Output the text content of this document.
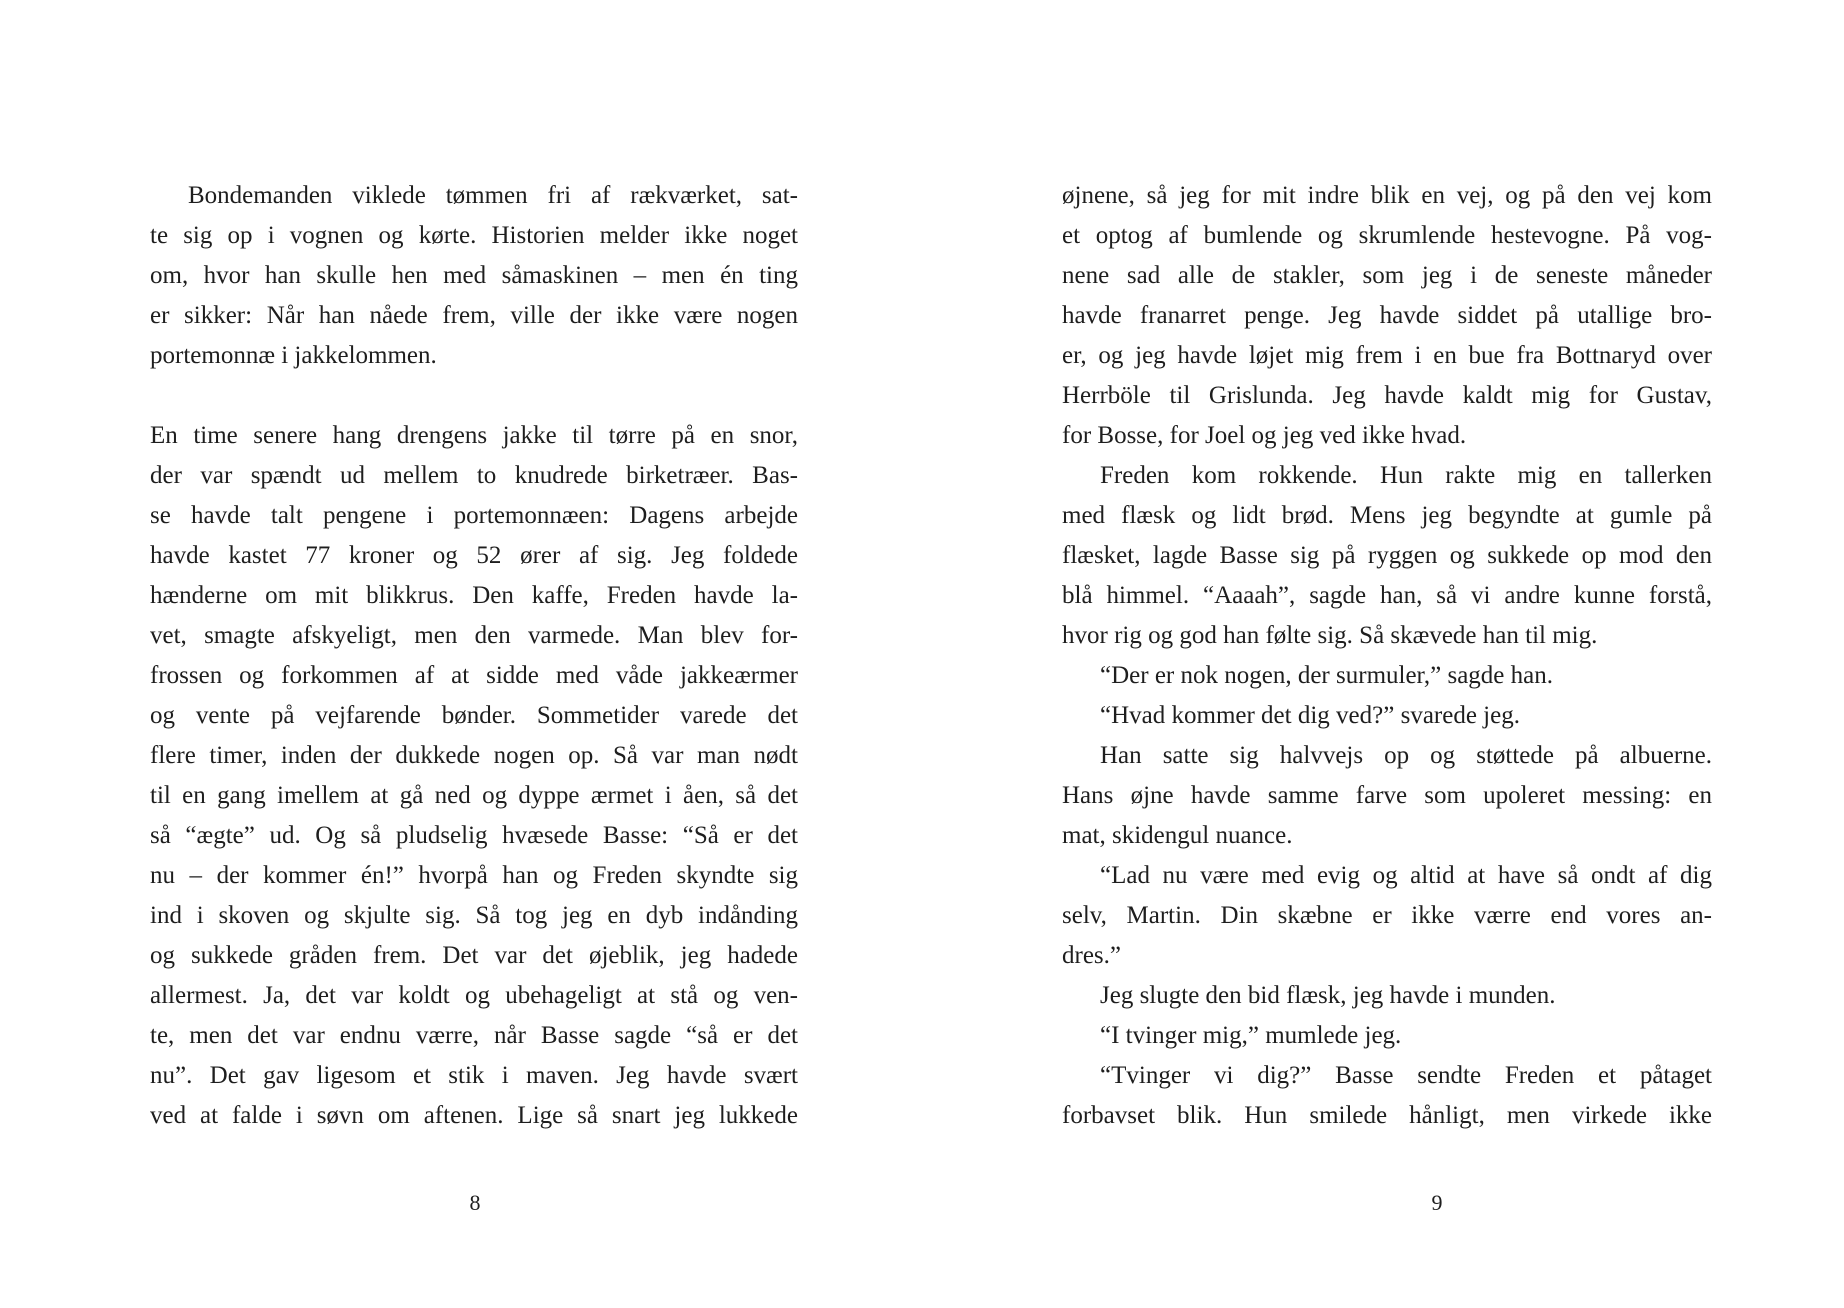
Bondemanden viklede tømmen fri af rækværket, sat-
te sig op i vognen og kørte. Historien melder ikke noget
om, hvor han skulle hen med såmaskinen – men én ting
er sikker: Når han nåede frem, ville der ikke være nogen
portemonnæ i jakkelommen.
En time senere hang drengens jakke til tørre på en snor,
der var spændt ud mellem to knudrede birketræer. Bas-
se havde talt pengene i portemonnæen: Dagens arbejde
havde kastet 77 kroner og 52 ører af sig. Jeg foldede
hænderne om mit blikkrus. Den kaffe, Freden havde la-
vet, smagte afskyeligt, men den varmede. Man blev for-
frossen og forkommen af at sidde med våde jakkeærmer
og vente på vejfarende bønder. Sommetider varede det
flere timer, inden der dukkede nogen op. Så var man nødt
til en gang imellem at gå ned og dyppe ærmet i åen, så det
så “ægte” ud. Og så pludselig hvæsede Basse: “Så er det
nu – der kommer én!” hvorpå han og Freden skyndte sig
ind i skoven og skjulte sig. Så tog jeg en dyb indånding
og sukkede gråden frem. Det var det øjeblik, jeg hadede
allermest. Ja, det var koldt og ubehageligt at stå og ven-
te, men det var endnu værre, når Basse sagde “så er det
nu”. Det gav ligesom et stik i maven. Jeg havde svært
ved at falde i søvn om aftenen. Lige så snart jeg lukkede
8
øjnene, så jeg for mit indre blik en vej, og på den vej kom
et optog af bumlende og skrumlende hestevogne. På vog-
nene sad alle de stakler, som jeg i de seneste måneder
havde franarret penge. Jeg havde siddet på utallige bro-
er, og jeg havde løjet mig frem i en bue fra Bottnaryd over
Herrböle til Grislunda. Jeg havde kaldt mig for Gustav,
for Bosse, for Joel og jeg ved ikke hvad.
Freden kom rokkende. Hun rakte mig en tallerken
med flæsk og lidt brød. Mens jeg begyndte at gumle på
flæsket, lagde Basse sig på ryggen og sukkede op mod den
blå himmel. “Aaaah”, sagde han, så vi andre kunne forstå,
hvor rig og god han følte sig. Så skævede han til mig.
“Der er nok nogen, der surmuler,” sagde han.
“Hvad kommer det dig ved?” svarede jeg.
Han satte sig halvvejs op og støttede på albuerne.
Hans øjne havde samme farve som upoleret messing: en
mat, skidengul nuance.
“Lad nu være med evig og altid at have så ondt af dig
selv, Martin. Din skæbne er ikke værre end vores an-
dres.”
Jeg slugte den bid flæsk, jeg havde i munden.
“I tvinger mig,” mumlede jeg.
“Tvinger vi dig?” Basse sendte Freden et påtaget
forbavset blik. Hun smilede hånligt, men virkede ikke
9
